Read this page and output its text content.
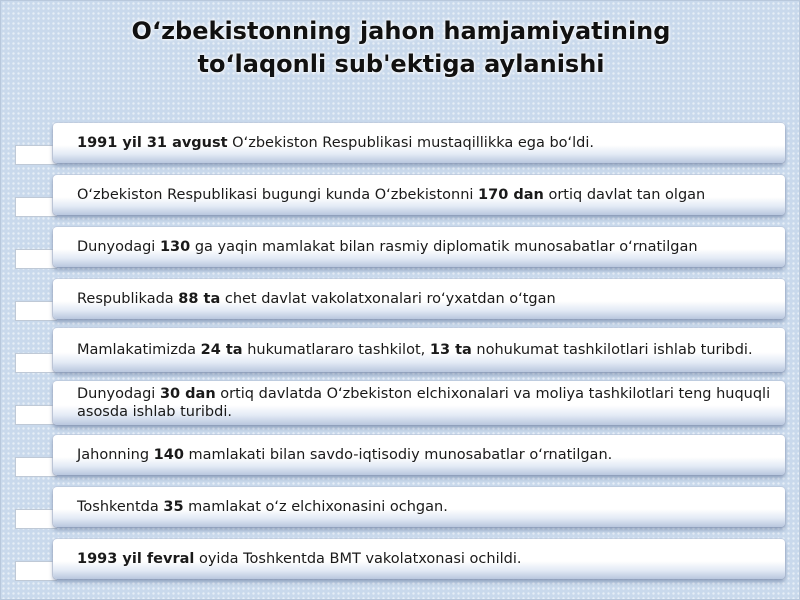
O‘zbekistonning jahon hamjamiyatining
to‘laqonli sub'ektiga aylanishi
1991 yil 31 avgust O‘zbekiston Respublikasi mustaqillikka ega bo‘ldi.
O‘zbekiston Respublikasi bugungi kunda O‘zbekistonni 170 dan ortiq davlat tan olgan
Dunyodagi 130 ga yaqin mamlakat bilan rasmiy diplomatik munosabatlar o‘rnatilgan
Respublikada 88 ta chet davlat vakolatxonalari ro‘yxatdan o‘tgan
Mamlakatimizda 24 ta hukumatlararo tashkilot, 13 ta nohukumat tashkilotlari ishlab turibdi.
Dunyodagi 30 dan ortiq davlatda O‘zbekiston elchixonalari va moliya tashkilotlari teng huquqli asosda ishlab turibdi.
Jahonning 140 mamlakati bilan savdo-iqtisodiy munosabatlar o‘rnatilgan.
Toshkentda 35 mamlakat o‘z elchixonasini ochgan.
1993 yil fevral oyida Toshkentda BMT vakolatxonasi ochildi.
